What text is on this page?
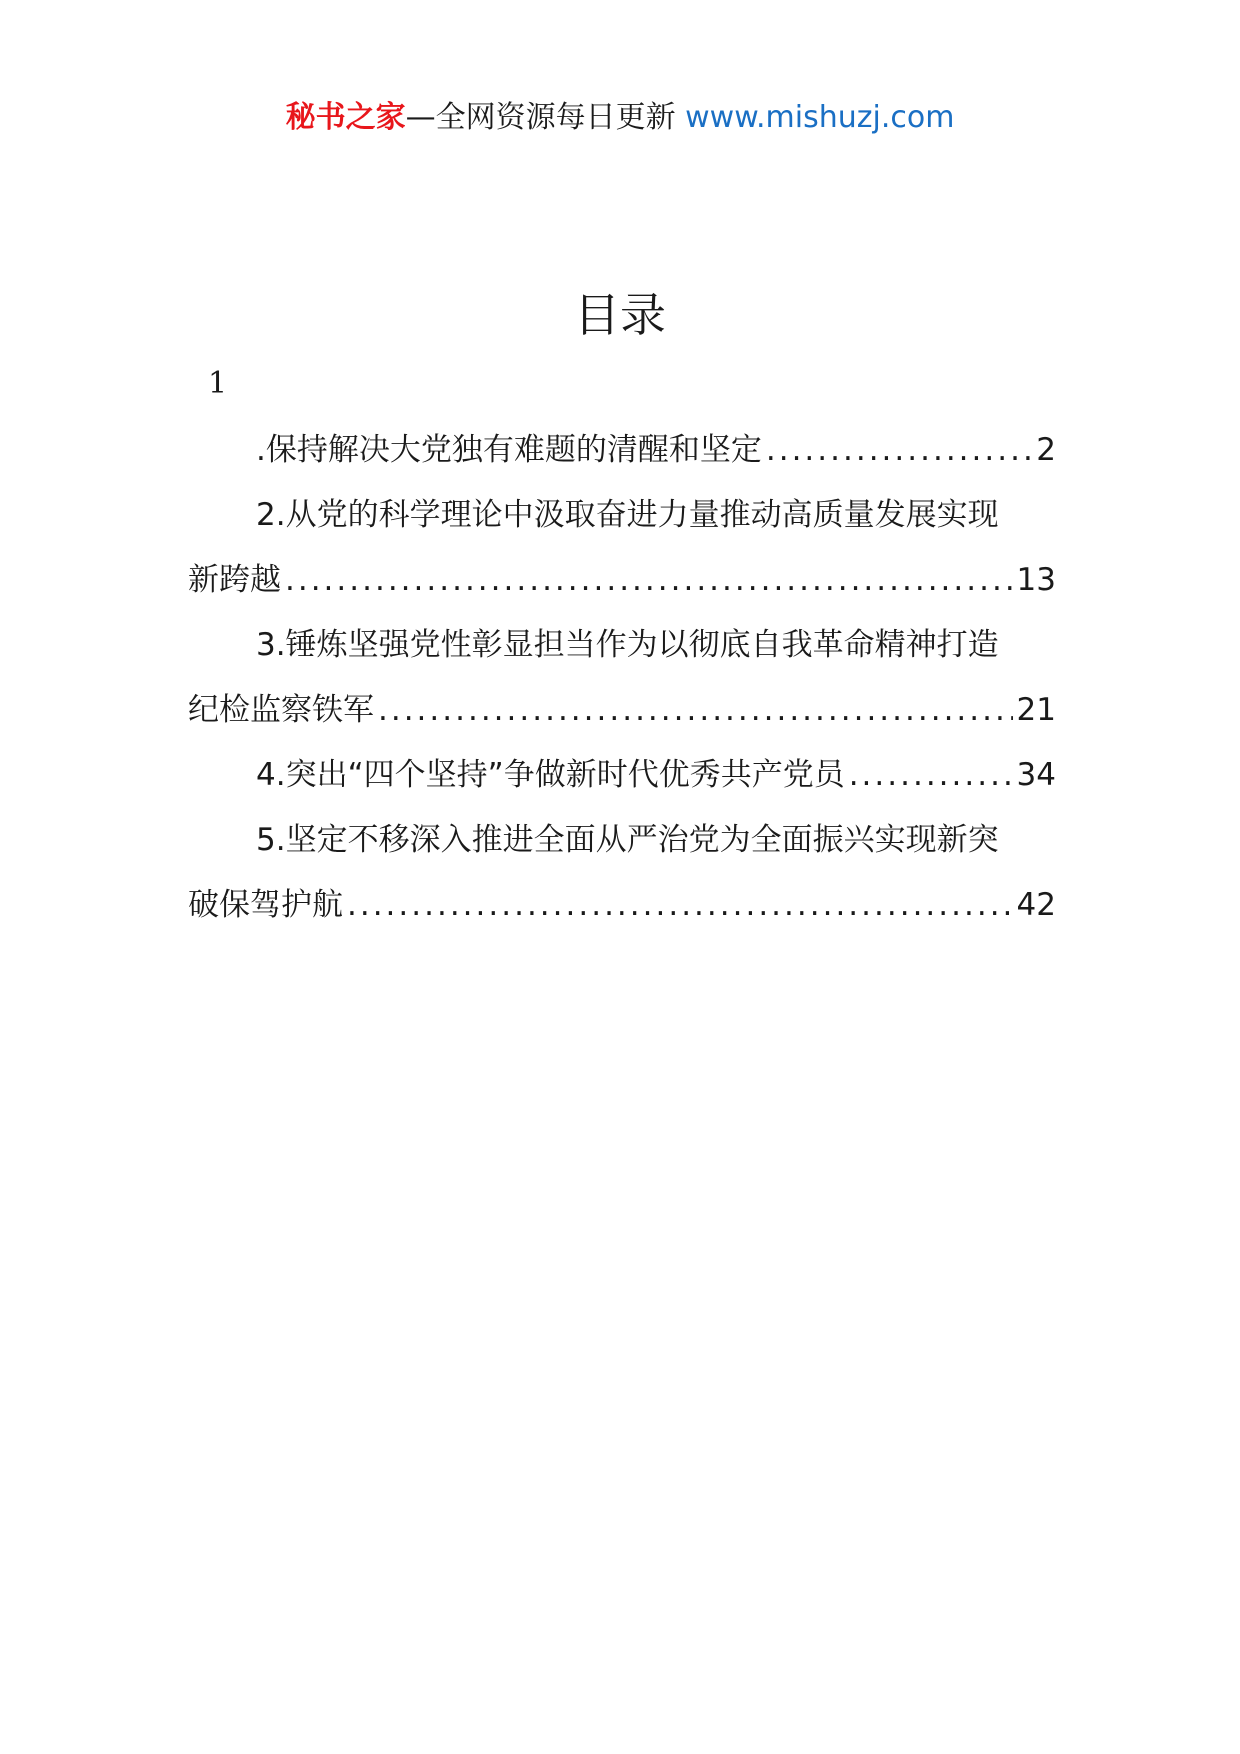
秘书之家—全网资源每日更新 www.mishuzj.com
目录
1
.保持解决大党独有难题的清醒和坚定 .....	2
2.从党的科学理论中汲取奋进力量推动高质量发展实现
新跨越 .....	13
3.锤炼坚强党性彰显担当作为以彻底自我革命精神打造
纪检监察铁军 .....	21
4.突出“四个坚持”争做新时代优秀共产党员 .....	34
5.坚定不移深入推进全面从严治党为全面振兴实现新突
破保驾护航 .....	42
